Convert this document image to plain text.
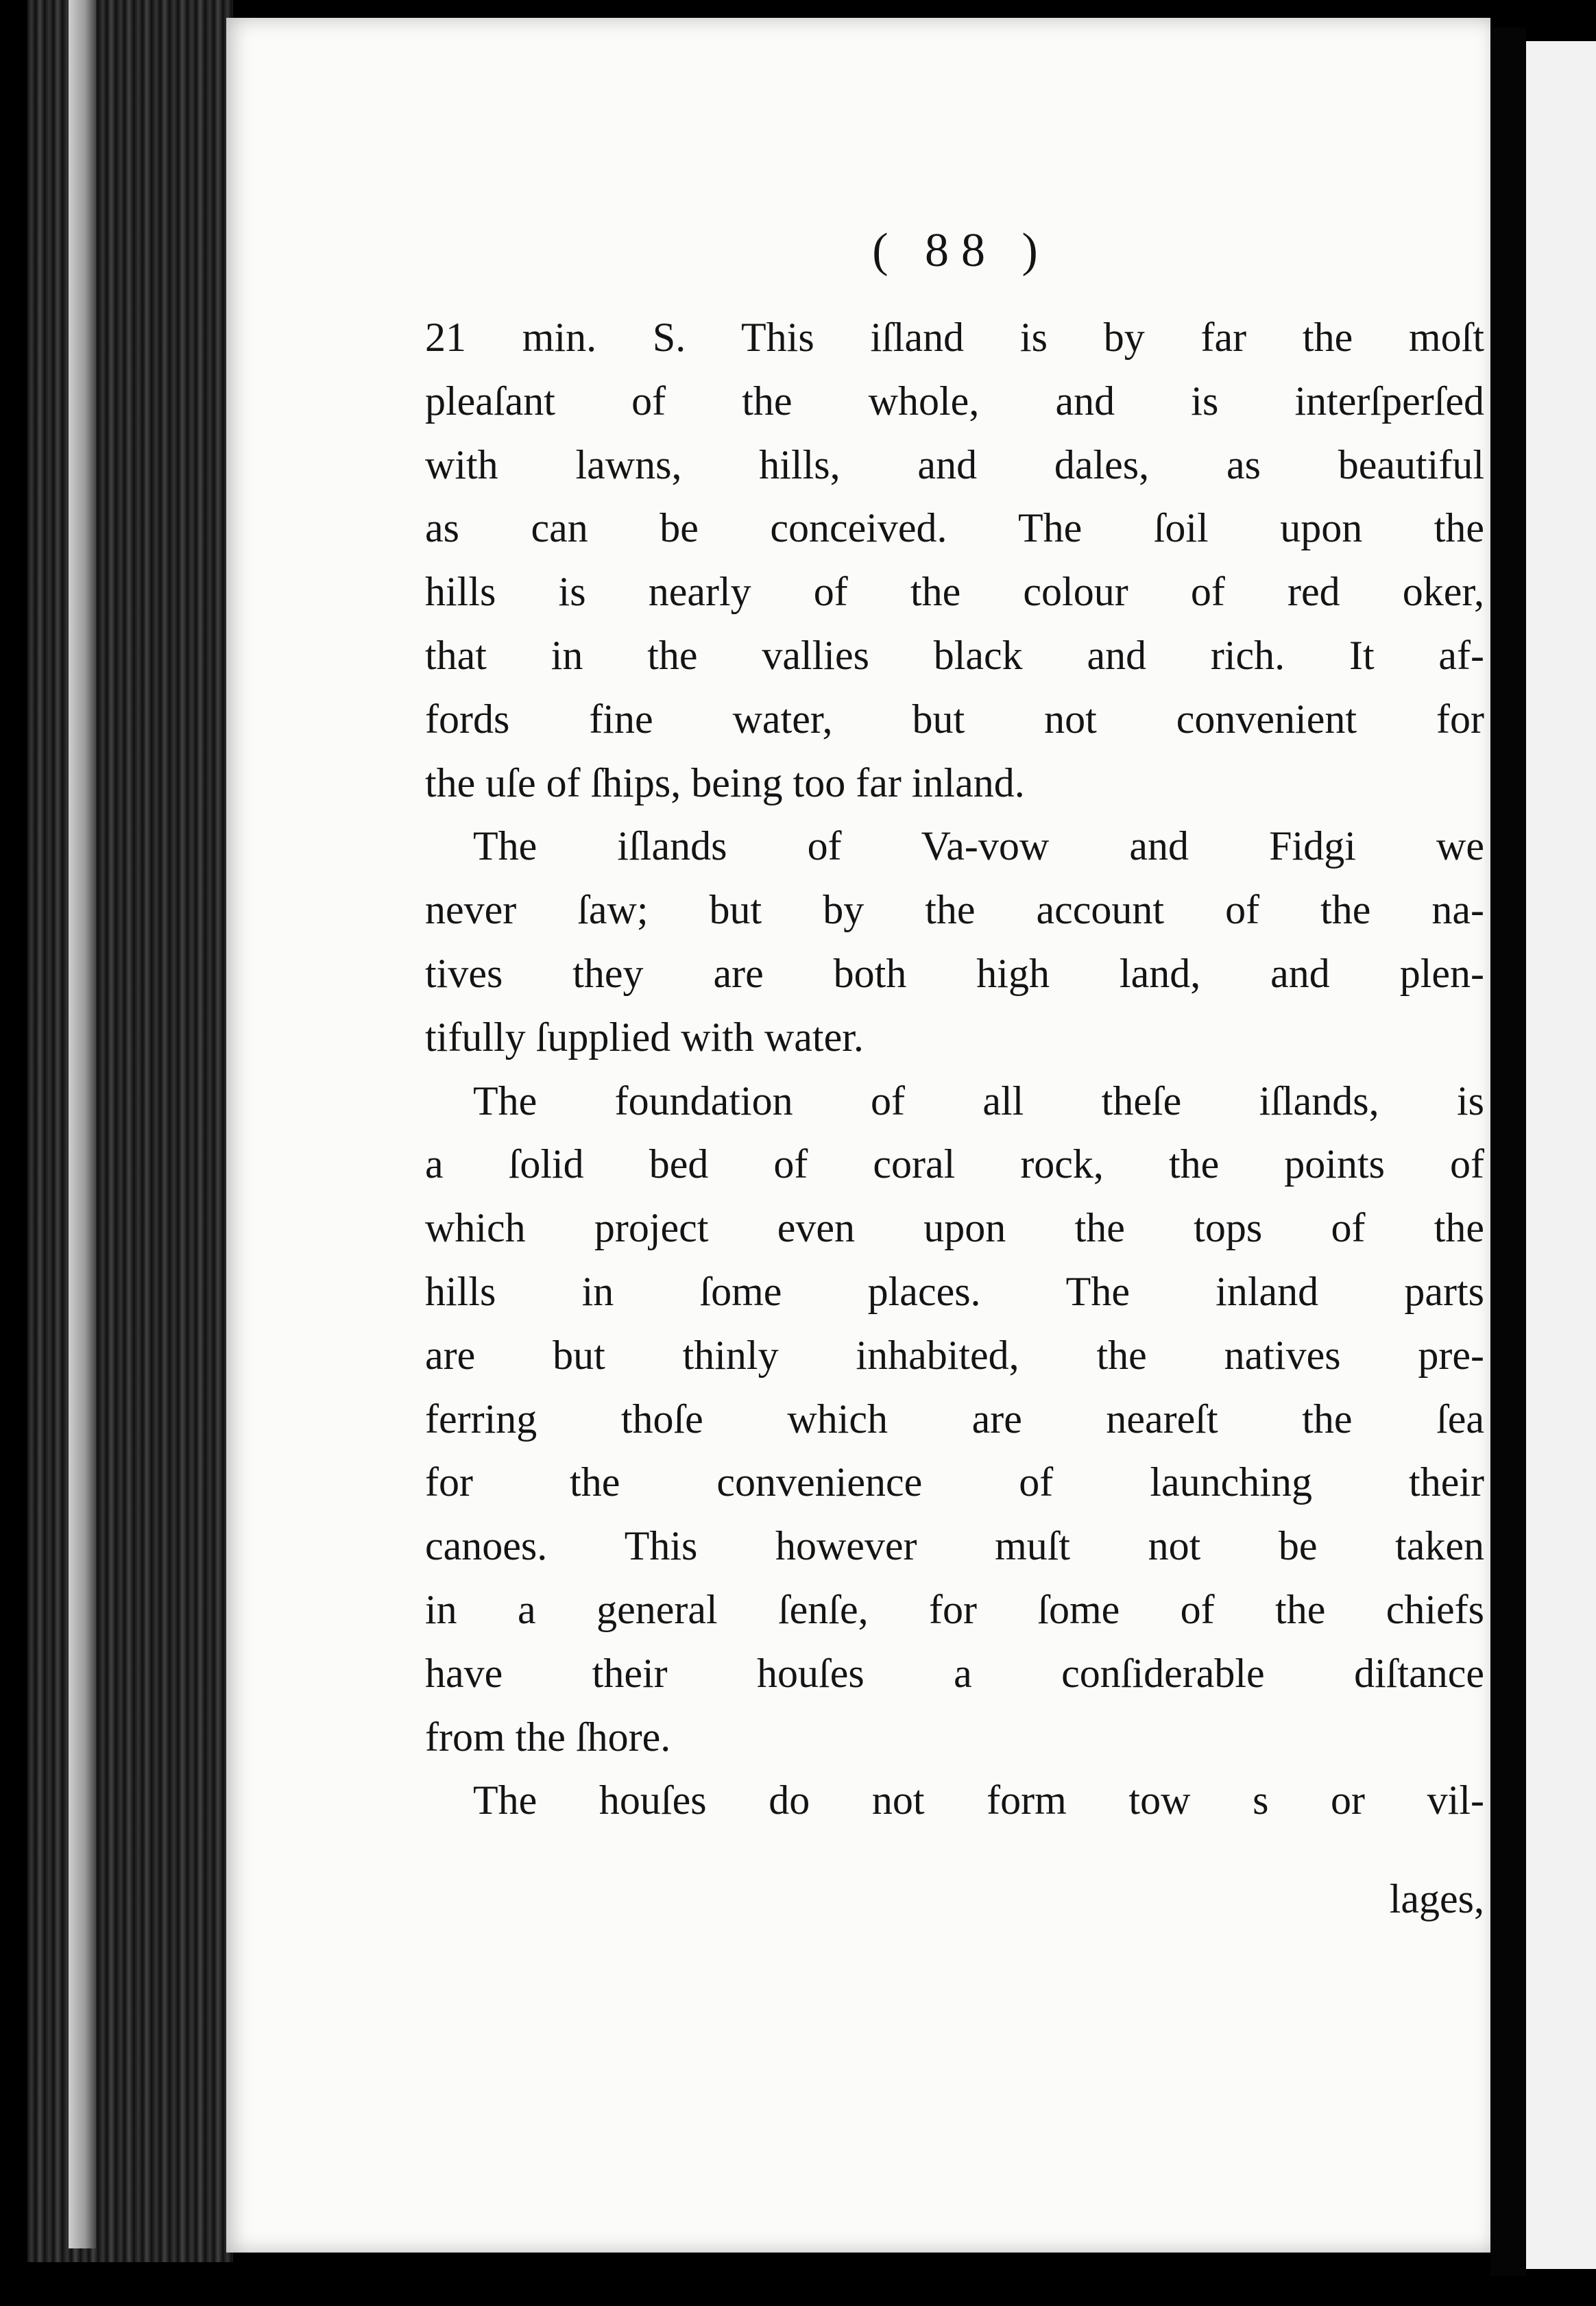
( 88 )
21 min. S. This iſland is by far the moſt
pleaſant of the whole, and is interſperſed
with lawns, hills, and dales, as beautiful
as can be conceived. The ſoil upon the
hills is nearly of the colour of red oker,
that in the vallies black and rich. It af-
fords fine water, but not convenient for
the uſe of ſhips, being too far inland.
The iſlands of Va-vow and Fidgi we
never ſaw; but by the account of the na-
tives they are both high land, and plen-
tifully ſupplied with water.
The foundation of all theſe iſlands, is
a ſolid bed of coral rock, the points of
which project even upon the tops of the
hills in ſome places. The inland parts
are but thinly inhabited, the natives pre-
ferring thoſe which are neareſt the ſea
for the convenience of launching their
canoes. This however muſt not be taken
in a general ſenſe, for ſome of the chiefs
have their houſes a conſiderable diſtance
from the ſhore.
The houſes do not form tow s or vil-
lages,
